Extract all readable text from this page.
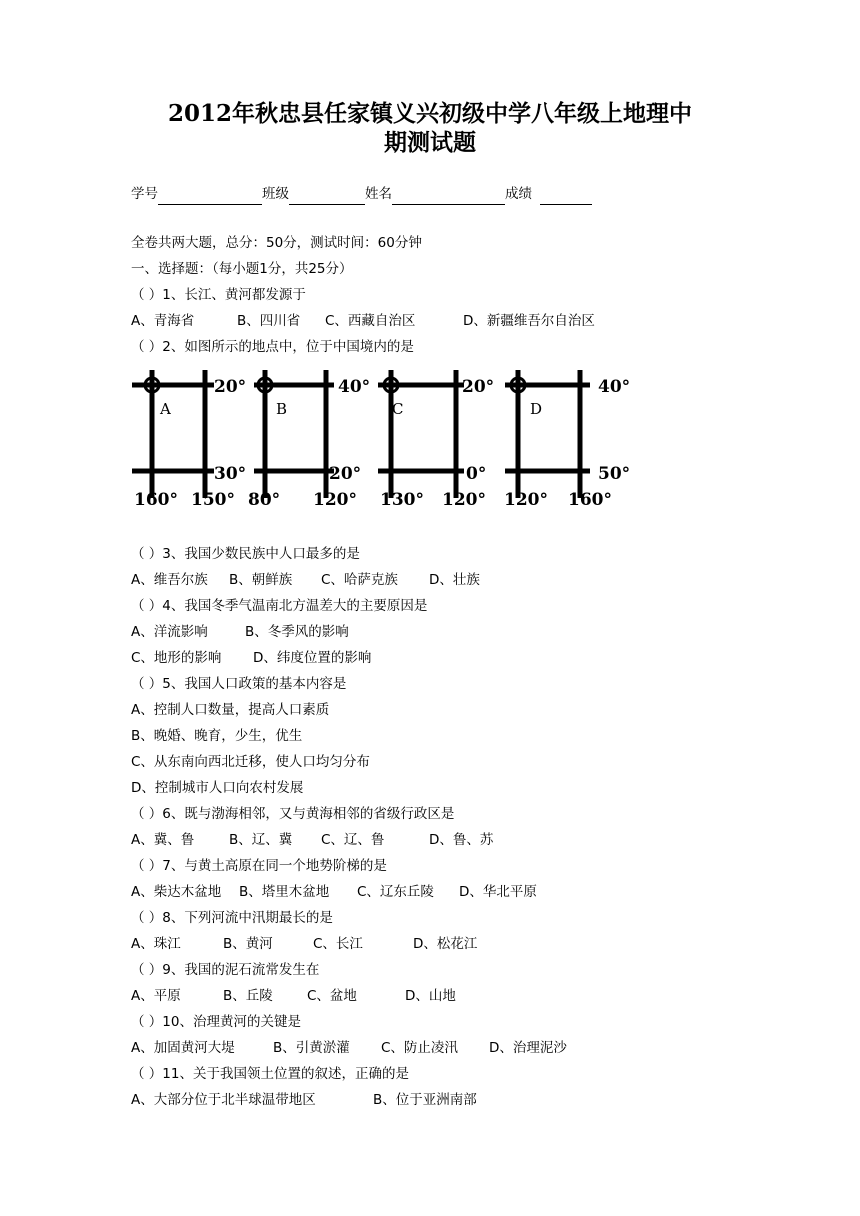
2012年秋忠县任家镇义兴初级中学八年级上地理中
期测试题
学号	班级	姓名	成绩
全卷共两大题，总分：50分，测试时间：60分钟
一、选择题：（每小题1分，共25分）
（ ）1、长江、黄河都发源于
A、青海省	B、四川省 C、西藏自治区	D、新疆维吾尔自治区
（ ）2、如图所示的地点中，位于中国境内的是
A
20°
30°
160° 150°
B
40°
20°
80° 120°
C
20°
0°
130° 120°
D
40°
50°
120° 160°
（ ）3、我国少数民族中人口最多的是
A、维吾尔族 B、朝鲜族 C、哈萨克族 D、壮族
（ ）4、我国冬季气温南北方温差大的主要原因是
A、洋流影响	B、冬季风的影响
C、地形的影响 D、纬度位置的影响
（ ）5、我国人口政策的基本内容是
A、控制人口数量，提高人口素质
B、晚婚、晚育，少生，优生
C、从东南向西北迁移，使人口均匀分布
D、控制城市人口向农村发展
（ ）6、既与渤海相邻，又与黄海相邻的省级行政区是
A、冀、鲁	B、辽、冀 C、辽、鲁	D、鲁、苏
（ ）7、与黄土高原在同一个地势阶梯的是
A、柴达木盆地 B、塔里木盆地 C、辽东丘陵 D、华北平原
（ ）8、下列河流中汛期最长的是
A、珠江	B、黄河	C、长江	D、松花江
（ ）9、我国的泥石流常发生在
A、平原	B、丘陵	C、盆地	D、山地
（ ）10、治理黄河的关键是
A、加固黄河大堤	B、引黄淤灌 C、防止凌汛 D、治理泥沙
（ ）11、关于我国领土位置的叙述，正确的是
A、大部分位于北半球温带地区	B、位于亚洲南部
